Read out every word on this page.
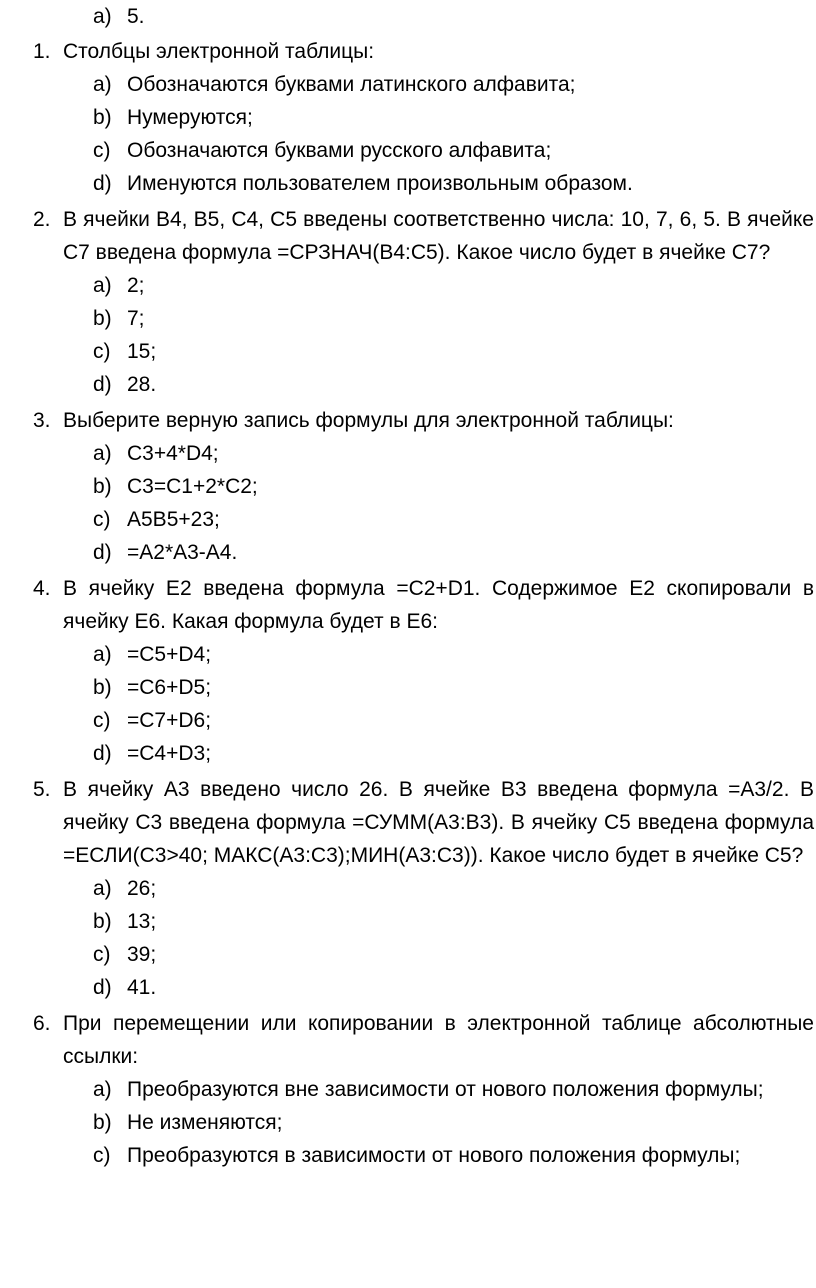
a) 5.
1. Столбцы электронной таблицы:
a) Обозначаются буквами латинского алфавита;
b) Нумеруются;
c) Обозначаются буквами русского алфавита;
d) Именуются пользователем произвольным образом.
2. В ячейки В4, В5, С4, С5 введены соответственно числа: 10, 7, 6, 5. В ячейке С7 введена формула =СРЗНАЧ(В4:С5). Какое число будет в ячейке С7?
a) 2;
b) 7;
c) 15;
d) 28.
3. Выберите верную запись формулы для электронной таблицы:
a) C3+4*D4;
b) C3=C1+2*C2;
c) A5B5+23;
d) =A2*A3-A4.
4. В ячейку Е2 введена формула =С2+D1. Содержимое Е2 скопировали в ячейку Е6. Какая формула будет в Е6:
a) =C5+D4;
b) =C6+D5;
c) =C7+D6;
d) =C4+D3;
5. В ячейку А3 введено число 26. В ячейке В3 введена формула =А3/2. В ячейку С3 введена формула =СУММ(А3:В3). В ячейку С5 введена формула =ЕСЛИ(С3>40; МАКС(А3:С3);МИН(А3:С3)). Какое число будет в ячейке С5?
a) 26;
b) 13;
c) 39;
d) 41.
6. При перемещении или копировании в электронной таблице абсолютные ссылки:
a) Преобразуются вне зависимости от нового положения формулы;
b) Не изменяются;
c) Преобразуются в зависимости от нового положения формулы;
